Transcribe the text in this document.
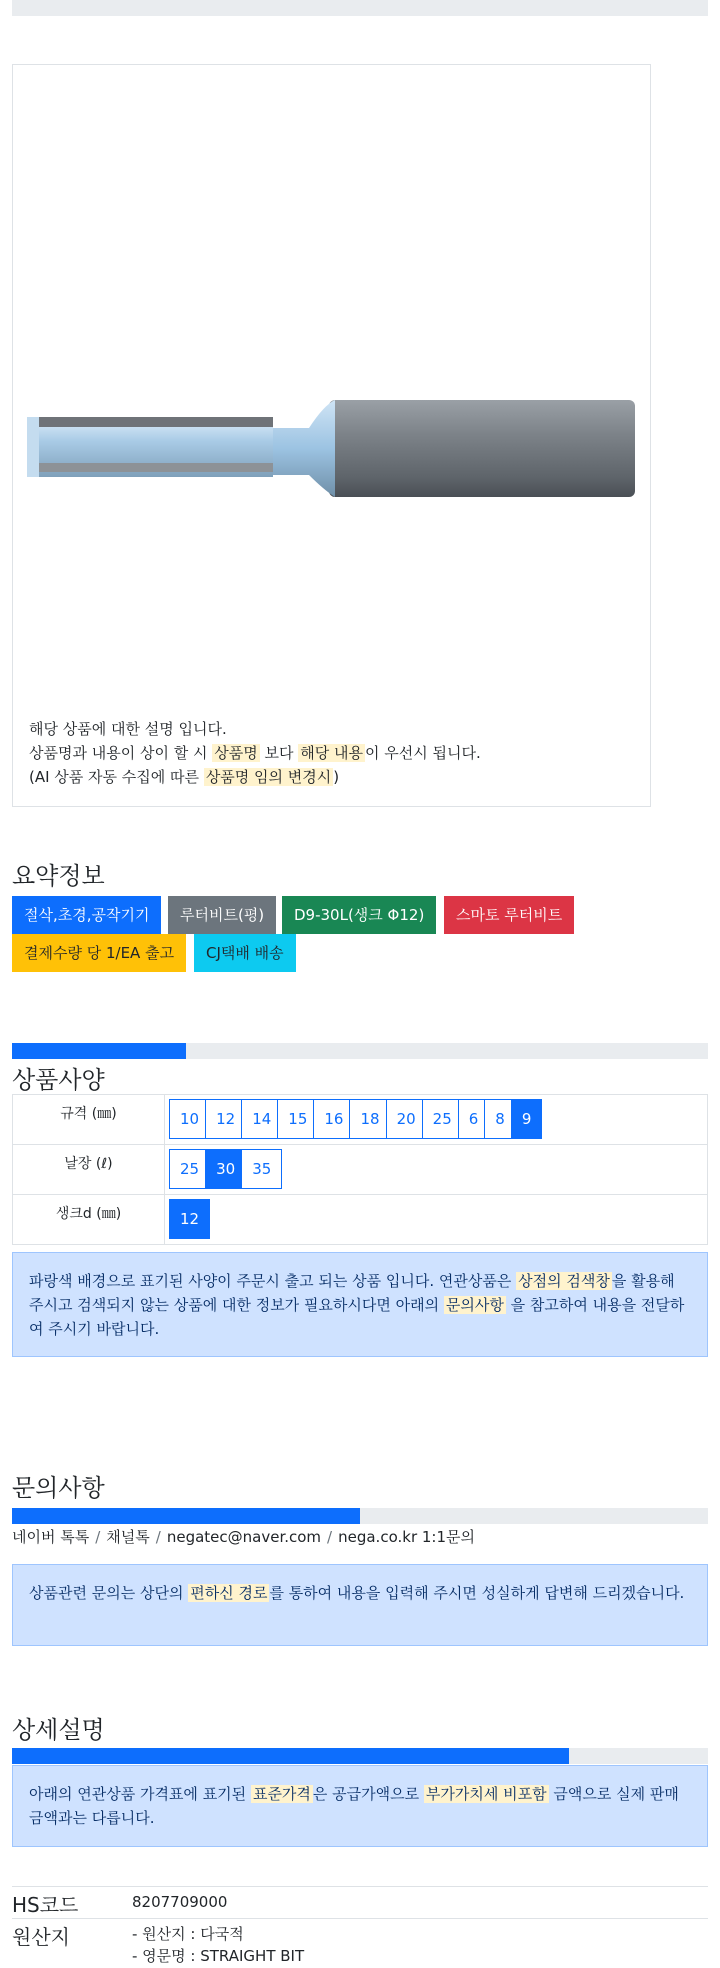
해당 상품에 대한 설명 입니다.
상품명과 내용이 상이 할 시 상품명 보다 해당 내용 이 우선시 됩니다.
(AI 상품 자동 수집에 따른 상품명 임의 변경시 )
요약정보
절삭,초경,공작기기	루터비트(평)	D9-30L(생크 Φ12)	스마토 루터비트
결제수량 당 1/EA 출고	CJ택배 배송
상품사양
규격 (㎜)	10 12 14 15 16 18 20 25 6 8 9
날장 (ℓ)	25 30 35
생크d (㎜)	12
파랑색 배경으로 표기된 사양이 주문시 출고 되는 상품 입니다. 연관상품은 상점의 검색창 을 활용해 주시고 검색되지 않는 상품에 대한 정보가 필요하시다면 아래의 문의사항 을 참고하여 내용을 전달하여 주시기 바랍니다.
문의사항
네이버 톡톡 / 채널톡 / negatec@naver.com / nega.co.kr 1:1문의
상품관련 문의는 상단의 편하신 경로 를 통하여 내용을 입력해 주시면 성실하게 답변해 드리겠습니다.
상세설명
아래의 연관상품 가격표에 표기된 표준가격 은 공급가액으로 부가가치세 비포함 금액으로 실제 판매금액과는 다릅니다.
HS코드	8207709000
원산지	- 원산지 : 다국적
- 영문명 : STRAIGHT BIT
